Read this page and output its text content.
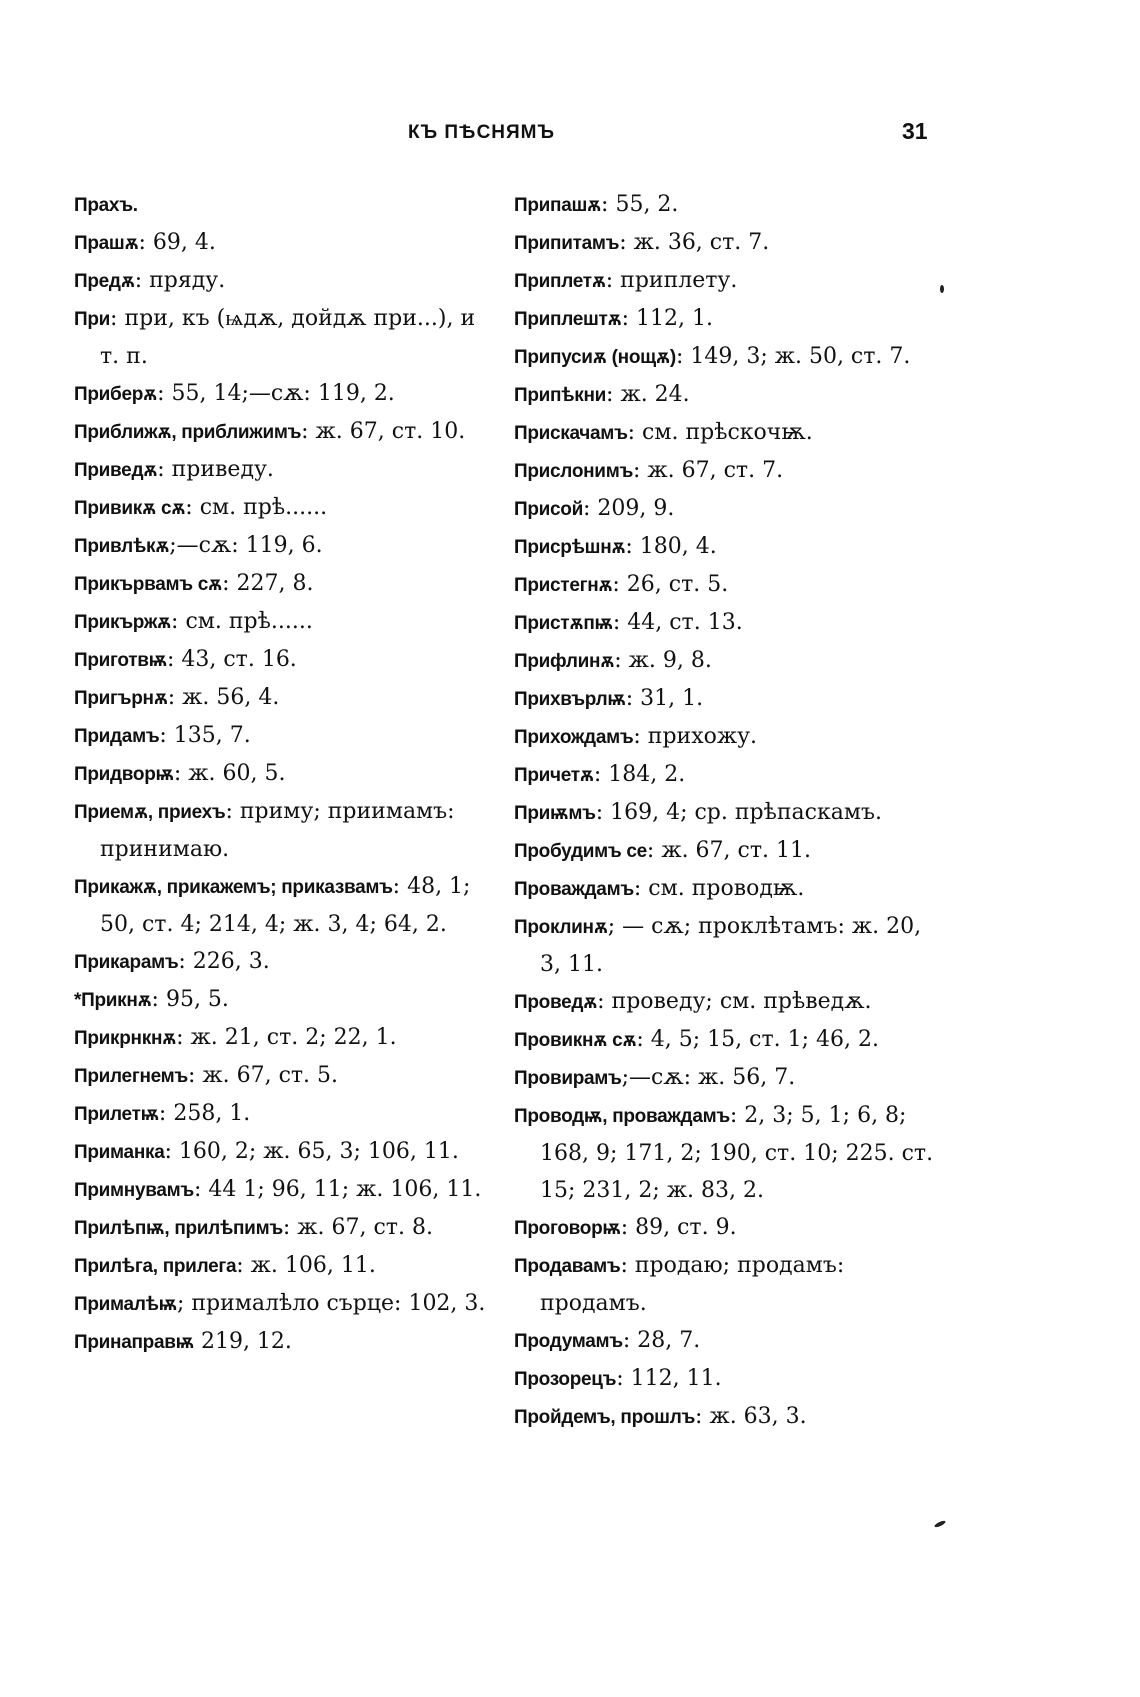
КЪ ПѢСНЯМЪ	31

Прахъ.

Прашѫ: 69, 4.

Предѫ: пряду.

При: при, къ (ѩдѫ, дойдѫ при...), и т. п.

Приберѫ: 55, 14;—сѫ: 119, 2.

Приближѫ, приближимъ: ж. 67, ст. 10.

Приведѫ: приведу.

Привикѫ сѫ: см. прѣ......

Привлѣкѫ;—сѫ: 119, 6.

Прикървамъ сѫ: 227, 8.

Прикържѫ: см. прѣ......

Приготвѭ: 43, ст. 16.

Пригърнѫ: ж. 56, 4.

Придамъ: 135, 7.

Придворѭ: ж. 60, 5.

Приемѫ, приехъ: приму; приимамъ: принимаю.

Прикажѫ, прикажемъ; приказвамъ: 48, 1; 50, ст. 4; 214, 4; ж. 3, 4; 64, 2.

Прикарамъ: 226, 3.

*Прикнѫ: 95, 5.

Прикрнкнѫ: ж. 21, ст. 2; 22, 1.

Прилегнемъ: ж. 67, ст. 5.

Прилетѭ: 258, 1.

Приманка: 160, 2; ж. 65, 3; 106, 11.

Примнувамъ: 44 1; 96, 11; ж. 106, 11.

Прилѣпѭ, прилѣпимъ: ж. 67, ст. 8.

Прилѣга, прилега: ж. 106, 11.

Прималѣѭ; прималѣло сърце: 102, 3.

Принаправѭ 219, 12.

Припашѫ: 55, 2.

Припитамъ: ж. 36, ст. 7.

Приплетѫ: приплету.

Приплештѫ: 112, 1.

Припусиѫ (нощѫ): 149, 3; ж. 50, ст. 7.

Припѣкни: ж. 24.

Прискачамъ: см. прѣскочѭ.

Прислонимъ: ж. 67, ст. 7.

Присой: 209, 9.

Присрѣшнѫ: 180, 4.

Пристегнѫ: 26, ст. 5.

Пристѫпѭ: 44, ст. 13.

Прифлинѫ: ж. 9, 8.

Прихвърлѭ: 31, 1.

Прихождамъ: прихожу.

Причетѫ: 184, 2.

Приѭмъ: 169, 4; ср. прѣпаскамъ.

Пробудимъ се: ж. 67, ст. 11.

Проваждамъ: см. проводѭ.

Проклинѫ; — сѫ; проклѣтамъ: ж. 20, 3, 11.

Проведѫ: проведу; см. прѣведѫ.

Провикнѫ сѫ: 4, 5; 15, ст. 1; 46, 2.

Провирамъ;—сѫ: ж. 56, 7.

Проводѭ, проваждамъ: 2, 3; 5, 1; 6, 8; 168, 9; 171, 2; 190, ст. 10; 225. ст. 15; 231, 2; ж. 83, 2.

Проговорѭ: 89, ст. 9.

Продавамъ: продаю; продамъ: продамъ.

Продумамъ: 28, 7.

Прозорецъ: 112, 11.

Пройдемъ, прошлъ: ж. 63, 3.
